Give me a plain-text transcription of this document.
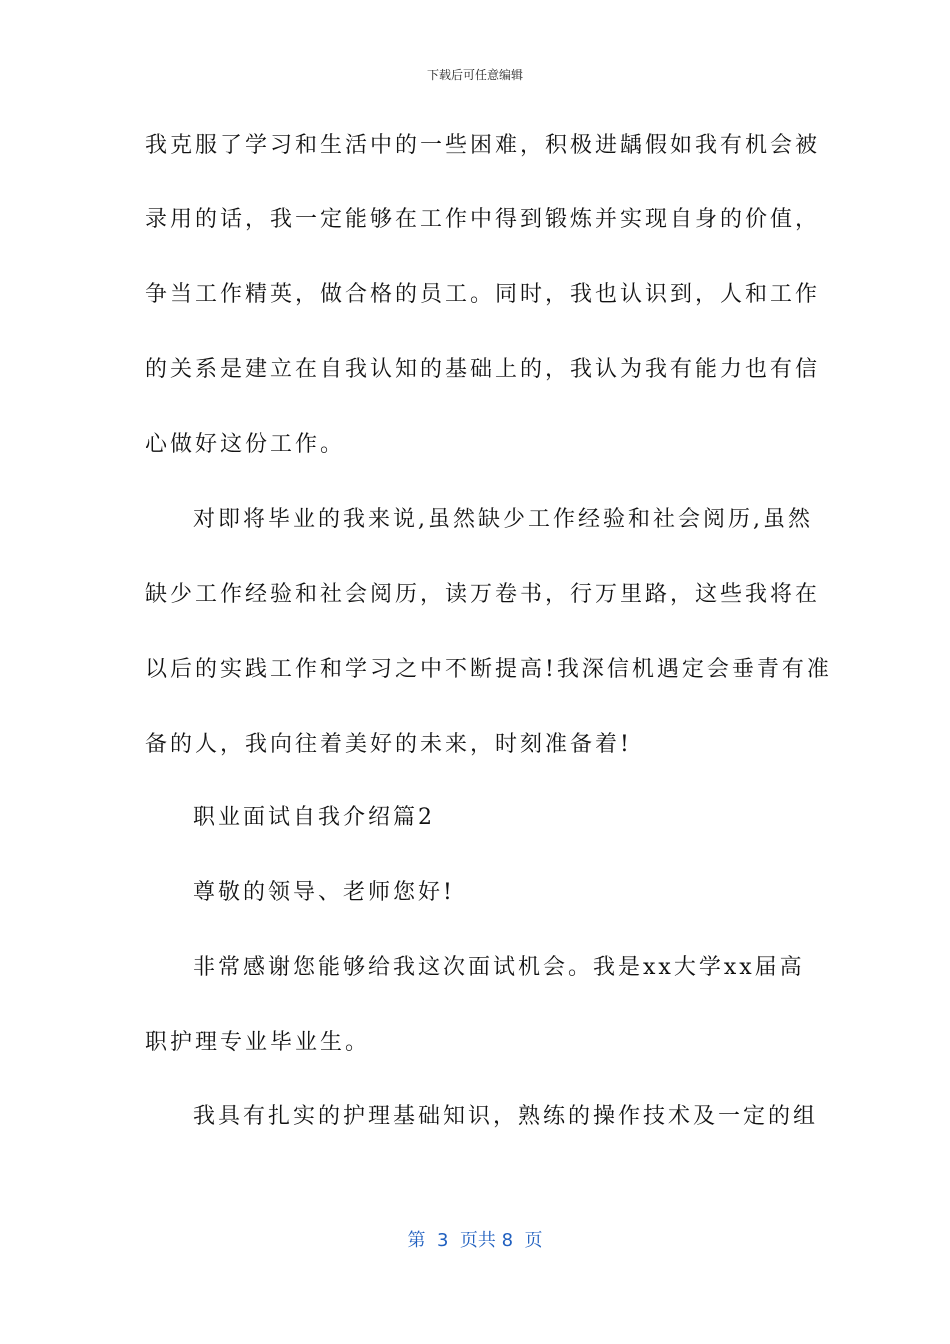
下载后可任意编辑
我克服了学习和生活中的一些困难，积极进龋假如我有机会被
录用的话，我一定能够在工作中得到锻炼并实现自身的价值，
争当工作精英，做合格的员工。同时，我也认识到，人和工作
的关系是建立在自我认知的基础上的，我认为我有能力也有信
心做好这份工作。
对即将毕业的我来说,虽然缺少工作经验和社会阅历,虽然
缺少工作经验和社会阅历，读万卷书，行万里路，这些我将在
以后的实践工作和学习之中不断提高!我深信机遇定会垂青有准
备的人，我向往着美好的未来，时刻准备着!
职业面试自我介绍篇2
尊敬的领导、老师您好!
非常感谢您能够给我这次面试机会。我是xx大学xx届高
职护理专业毕业生。
我具有扎实的护理基础知识，熟练的操作技术及一定的组
第  3  页共 8  页
